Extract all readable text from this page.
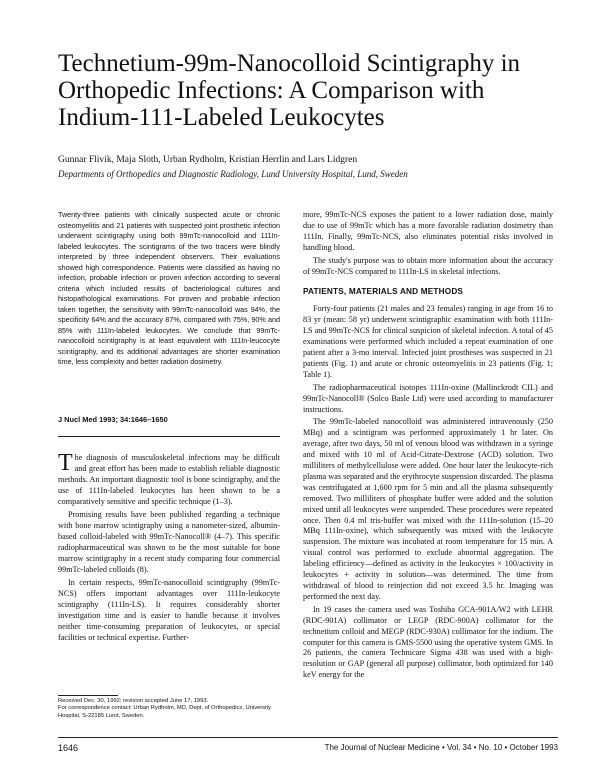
Technetium-99m-Nanocolloid Scintigraphy in Orthopedic Infections: A Comparison with Indium-111-Labeled Leukocytes

Gunnar Flivik, Maja Sloth, Urban Rydholm, Kristian Herrlin and Lars Lidgren

Departments of Orthopedics and Diagnostic Radiology, Lund University Hospital, Lund, Sweden

Twenty-three patients with clinically suspected acute or chronic osteomyelitis and 21 patients with suspected joint prosthetic infection underwent scintigraphy using both 99mTc-nanocolloid and 111In-labeled leukocytes. The scintigrams of the two tracers were blindly interpreted by three independent observers. Their evaluations showed high correspondence. Patients were classified as having no infection, probable infection or proven infection according to several criteria which included results of bacteriological cultures and histopathological examinations. For proven and probable infection taken together, the sensitivity with 99mTc-nanocolloid was 94%, the specificity 64% and the accuracy 87%, compared with 75%, 90% and 85% with 111In-labeled leukocytes. We conclude that 99mTc-nanocolloid scintigraphy is at least equivalent with 111In-leucocyte scintigraphy, and its additional advantages are shorter examination time, less complexity and better radiation dosimetry.

J Nucl Med 1993; 34:1646–1650

The diagnosis of musculoskeletal infections may be difficult and great effort has been made to establish reliable diagnostic methods. An important diagnostic tool is bone scintigraphy, and the use of 111In-labeled leukocytes has been shown to be a comparatively sensitive and specific technique (1–3).

Promising results have been published regarding a technique with bone marrow scintigraphy using a nanometer-sized, albumin-based colloid-labeled with 99mTc-Nanocoll® (4–7). This specific radiopharmaceutical was shown to be the most suitable for bone marrow scintigraphy in a recent study comparing four commercial 99mTc-labeled colloids (8).

In certain respects, 99mTc-nanocolloid scintigraphy (99mTc-NCS) offers important advantages over 111In-leukocyte scintigraphy (111In-LS). It requires considerably shorter investigation time and is easier to handle because it involves neither time-consuming preparation of leukocytes, or special facilities or technical expertise. Further-

more, 99mTc-NCS exposes the patient to a lower radiation dose, mainly due to use of 99mTc which has a more favorable radiation dosimetry than 111In. Finally, 99mTc-NCS, also eliminates potential risks involved in handling blood.

The study's purpose was to obtain more information about the accuracy of 99mTc-NCS compared to 111In-LS in skeletal infections.

PATIENTS, MATERIALS AND METHODS

Forty-four patients (21 males and 23 females) ranging in age from 16 to 83 yr (mean: 58 yr) underwent scintigraphic examination with both 111In-LS and 99mTc-NCS for clinical suspicion of skeletal infection. A total of 45 examinations were performed which included a repeat examination of one patient after a 3-mo interval. Infected joint prostheses was suspected in 21 patients (Fig. 1) and acute or chronic osteomyelitis in 23 patients (Fig. 1; Table 1).

The radiopharmaceutical isotopes 111In-oxine (Mallinckrodt CIL) and 99mTc-Nanocoll® (Solco Basle Ltd) were used according to manufacturer instructions.

The 99mTc-labeled nanocolloid was administered intravenously (250 MBq) and a scintigram was performed approximately 1 hr later. On average, after two days, 50 ml of venous blood was withdrawn in a syringe and mixed with 10 ml of Acid-Citrate-Dextrose (ACD) solution. Two milliliters of methylcellulose were added. One hour later the leukocyte-rich plasma was separated and the erythrocyte suspension discarded. The plasma was centrifugated at 1,600 rpm for 5 min and all the plasma subsequently removed. Two milliliters of phosphate buffer were added and the solution mixed until all leukocytes were suspended. These procedures were repeated once. Then 0.4 ml tris-buffer was mixed with the 111In-solution (15–20 MBq 111In-oxine), which subsequently was mixed with the leukocyte suspension. The mixture was incubated at room temperature for 15 min. A visual control was performed to exclude abnormal aggregation. The labeling efficiency—defined as activity in the leukocytes × 100/activity in leukocytes + activity in solution—was determined. The time from withdrawal of blood to reinjection did not exceed 3.5 hr. Imaging was performed the next day.

In 19 cases the camera used was Toshiba GCA-901A/W2 with LEHR (RDC-901A) collimator or LEGP (RDC-900A) collimator for the technetium colloid and MEGP (RDC-930A) collimator for the indium. The computer for this camera is GMS-5500 using the operative system GMS. In 26 patients, the camera Technicare Sigma 438 was used with a high-resolution or GAP (general all purpose) collimator, both optimized for 140 keV energy for the

Received Dec. 30, 1992; revision accepted June 17, 1993.

For correspondence contact: Urban Rydholm, MD, Dept. of Orthopedics, University Hospital, S-22185 Lund, Sweden.

1646	The Journal of Nuclear Medicine • Vol. 34 • No. 10 • October 1993
